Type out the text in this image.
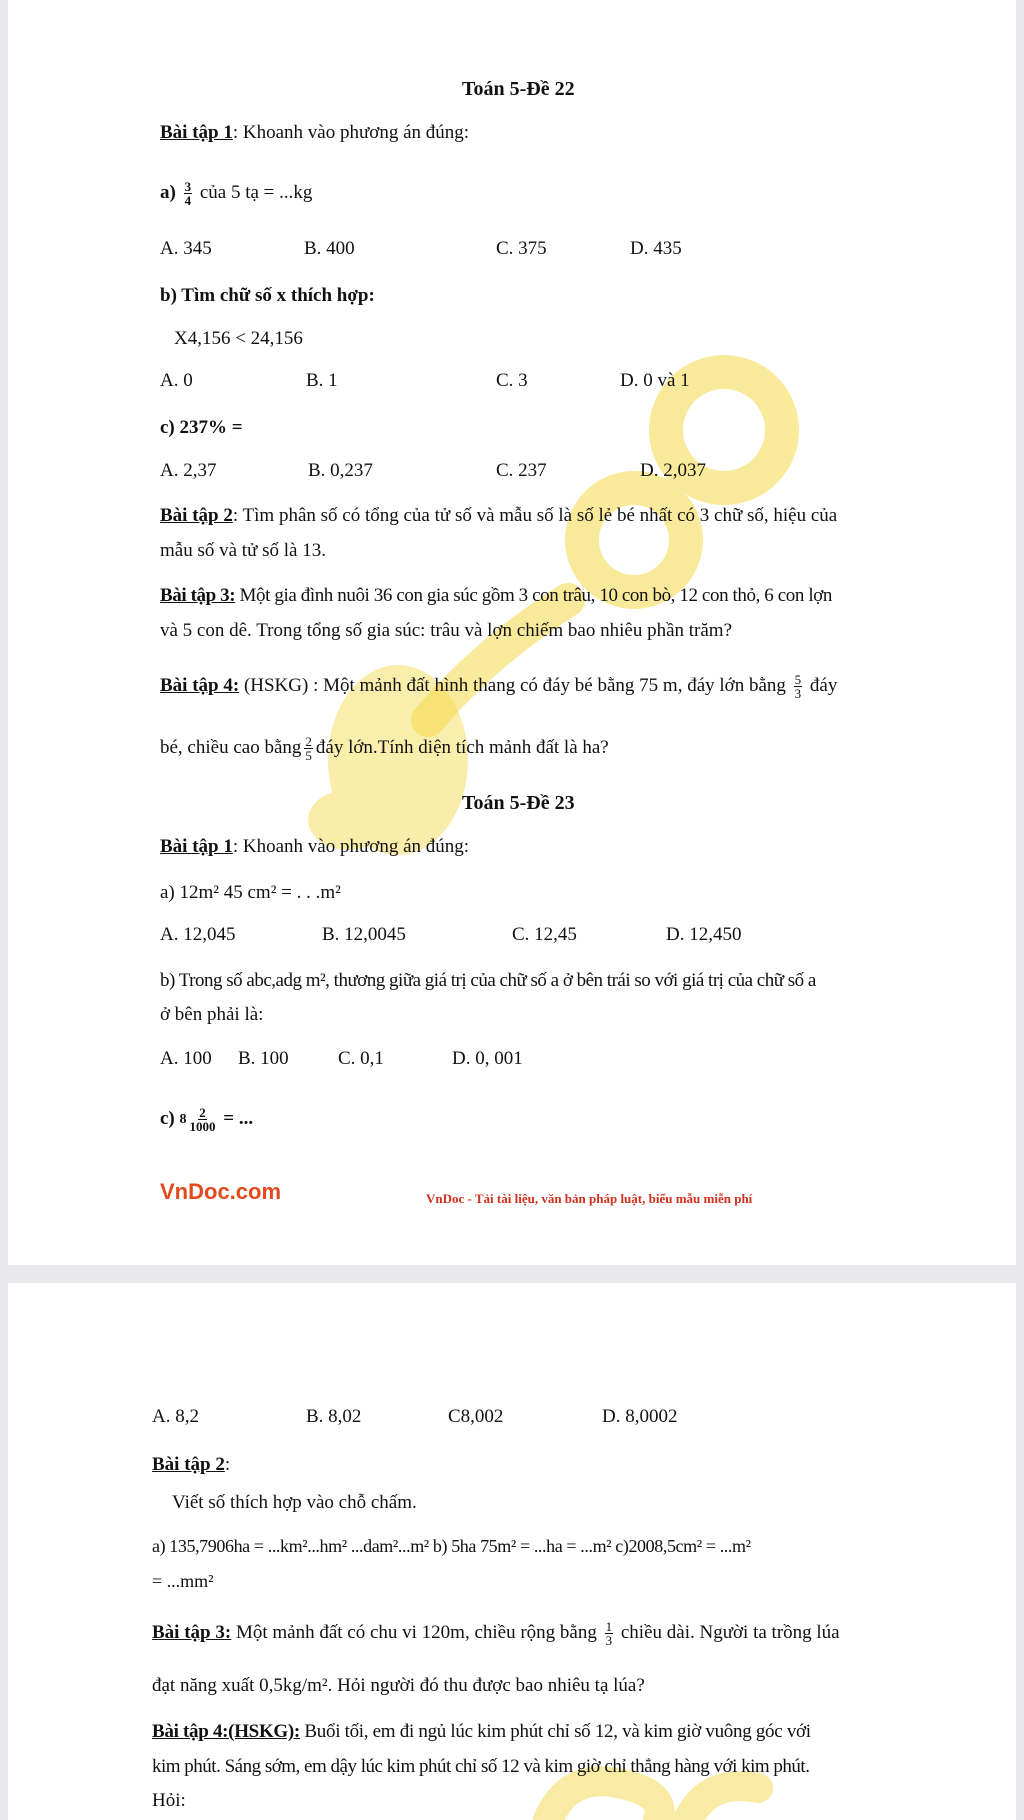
Toán 5-Đề 22
Bài tập 1: Khoanh vào phương án đúng:
$a) \frac{3}{4}$ của 5 tạ = ...kg
A. 345	B. 400	C. 375	D. 435
b) Tìm chữ số x thích hợp:
X4,156 < 24,156
A. 0	B. 1	C. 3	D. 0 và 1
c) 237% =
A. 2,37	B. 0,237	C. 237	D. 2,037
Bài tập 2: Tìm phân số có tổng của tử số và mẫu số là số lẻ bé nhất có 3 chữ số, hiệu của
mẫu số và tử số là 13.
Bài tập 3: Một gia đình nuôi 36 con gia súc gồm 3 con trâu, 10 con bò, 12 con thỏ, 6 con lợn
và 5 con dê. Trong tổng số gia súc: trâu và lợn chiếm bao nhiêu phần trăm?
Bài tập 4: (HSKG) : Một mảnh đất hình thang có đáy bé bằng 75 m, đáy lớn bằng $\frac{5}{3}$ đáy
bé, chiều cao bằng $\frac{2}{5}$ đáy lớn.Tính diện tích mảnh đất là ha?
Toán 5-Đề 23
Bài tập 1: Khoanh vào phương án đúng:
a) 12m² 45 cm² = . . .m²
A. 12,045	B. 12,0045	C. 12,45	D. 12,450
b) Trong số abc,adg m², thương giữa giá trị của chữ số a ở bên trái so với giá trị của chữ số a
ở bên phải là:
A. 100 B. 100	C. 0,1	D. 0, 001
c) $8 \frac{2}{1000}$ = ...
VnDoc.com	VnDoc - Tải tài liệu, văn bản pháp luật, biểu mẫu miễn phí
A. 8,2	B. 8,02	C8,002	D. 8,0002
Bài tập 2:
Viết số thích hợp vào chỗ chấm.
a) 135,7906ha = ...km²...hm² ...dam²...m² b) 5ha 75m² = ...ha = ...m² c)2008,5cm² = ...m²
= ...mm²
Bài tập 3: Một mảnh đất có chu vi 120m, chiều rộng bằng $\frac{1}{3}$ chiều dài. Người ta trồng lúa
đạt năng xuất 0,5kg/m². Hỏi người đó thu được bao nhiêu tạ lúa?
Bài tập 4:(HSKG): Buổi tối, em đi ngủ lúc kim phút chỉ số 12, và kim giờ vuông góc với
kim phút. Sáng sớm, em dậy lúc kim phút chỉ số 12 và kim giờ chỉ thẳng hàng với kim phút.
Hỏi:
